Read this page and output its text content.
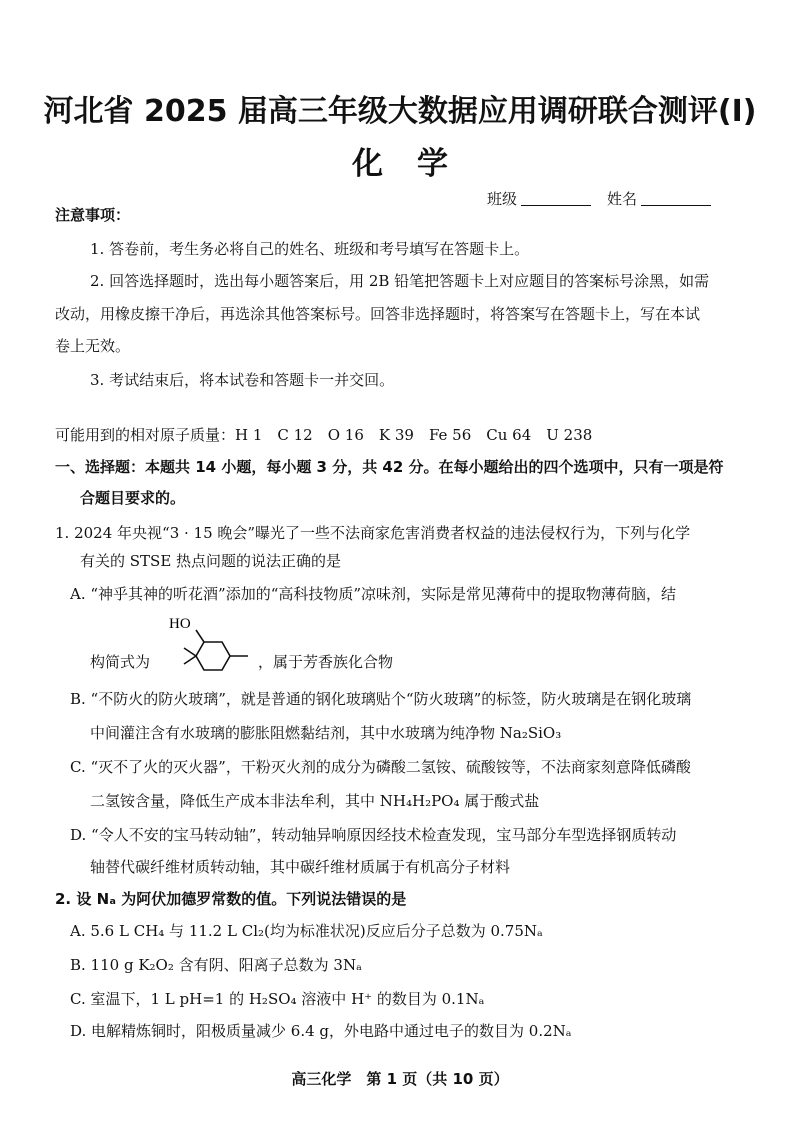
河北省 2025 届高三年级大数据应用调研联合测评(Ⅰ)
化学
班级	姓名
注意事项：
1. 答卷前，考生务必将自己的姓名、班级和考号填写在答题卡上。
2. 回答选择题时，选出每小题答案后，用 2B 铅笔把答题卡上对应题目的答案标号涂黑，如需
改动，用橡皮擦干净后，再选涂其他答案标号。回答非选择题时，将答案写在答题卡上，写在本试
卷上无效。
3. 考试结束后，将本试卷和答题卡一并交回。
可能用到的相对原子质量：H 1　C 12　O 16　K 39　Fe 56　Cu 64　U 238
一、选择题：本题共 14 小题，每小题 3 分，共 42 分。在每小题给出的四个选项中，只有一项是符
合题目要求的。
1. 2024 年央视“3 · 15 晚会”曝光了一些不法商家危害消费者权益的违法侵权行为，下列与化学
有关的 STSE 热点问题的说法正确的是
A. “神乎其神的听花酒”添加的“高科技物质”凉味剂，实际是常见薄荷中的提取物薄荷脑，结
构简式为
HO
，属于芳香族化合物
B. “不防火的防火玻璃”，就是普通的钢化玻璃贴个“防火玻璃”的标签，防火玻璃是在钢化玻璃
中间灌注含有水玻璃的膨胀阻燃黏结剂，其中水玻璃为纯净物 Na₂SiO₃
C. “灭不了火的灭火器”，干粉灭火剂的成分为磷酸二氢铵、硫酸铵等，不法商家刻意降低磷酸
二氢铵含量，降低生产成本非法牟利，其中 NH₄H₂PO₄ 属于酸式盐
D. “令人不安的宝马转动轴”，转动轴异响原因经技术检查发现，宝马部分车型选择钢质转动
轴替代碳纤维材质转动轴，其中碳纤维材质属于有机高分子材料
2. 设 Nₐ 为阿伏加德罗常数的值。下列说法错误的是
A. 5.6 L CH₄ 与 11.2 L Cl₂(均为标准状况)反应后分子总数为 0.75Nₐ
B. 110 g K₂O₂ 含有阴、阳离子总数为 3Nₐ
C. 室温下，1 L pH=1 的 H₂SO₄ 溶液中 H⁺ 的数目为 0.1Nₐ
D. 电解精炼铜时，阳极质量减少 6.4 g，外电路中通过电子的数目为 0.2Nₐ
高三化学　第 1 页（共 10 页）
